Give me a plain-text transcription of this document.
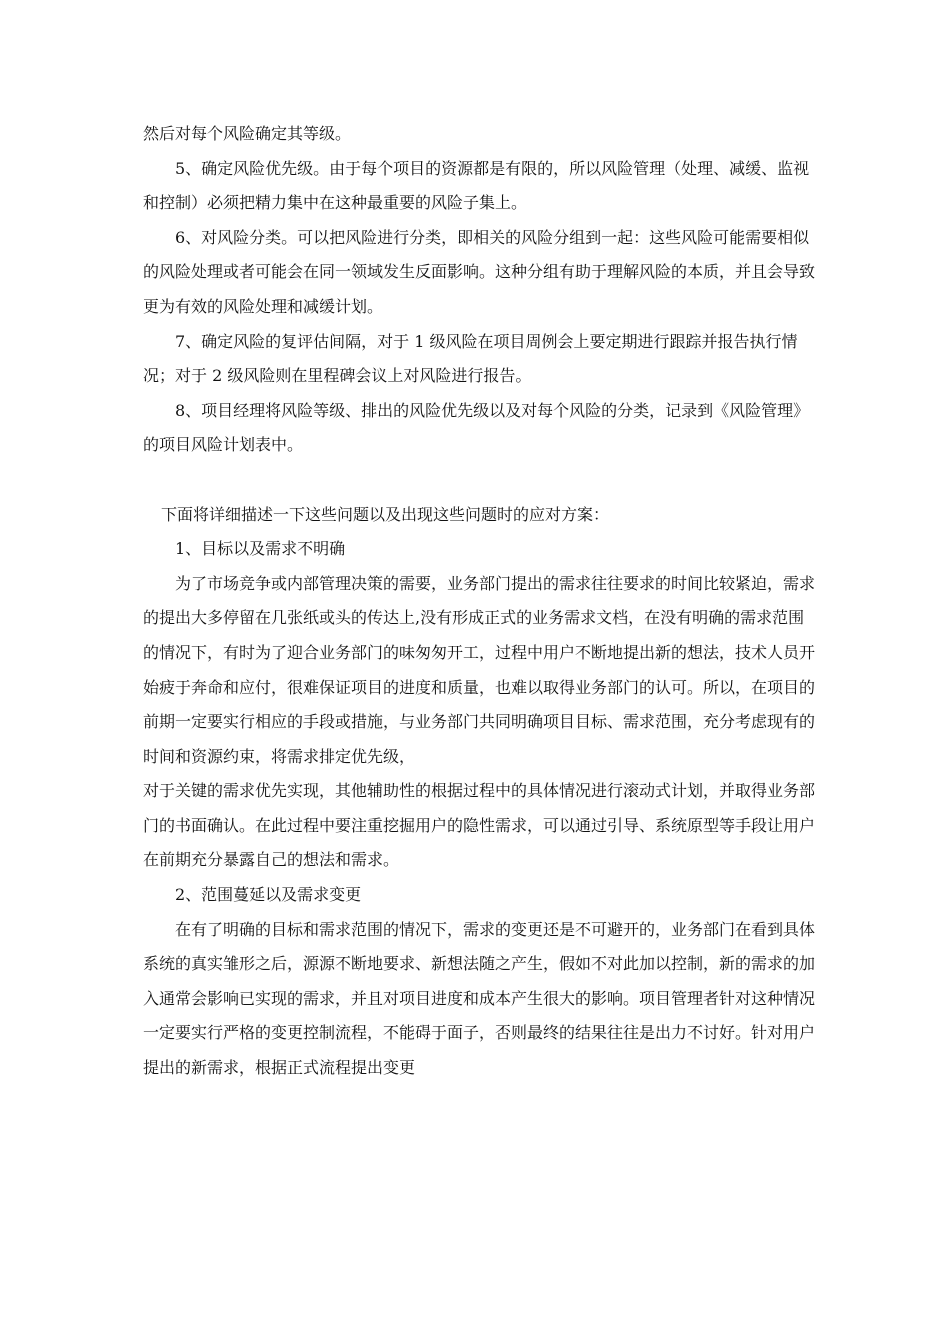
然后对每个风险确定其等级。

5、确定风险优先级。由于每个项目的资源都是有限的，所以风险管理（处理、减缓、监视和控制）必须把精力集中在这种最重要的风险子集上。

6、对风险分类。可以把风险进行分类，即相关的风险分组到一起：这些风险可能需要相似的风险处理或者可能会在同一领域发生反面影响。这种分组有助于理解风险的本质，并且会导致更为有效的风险处理和减缓计划。

7、确定风险的复评估间隔，对于 1 级风险在项目周例会上要定期进行跟踪并报告执行情况；对于 2 级风险则在里程碑会议上对风险进行报告。

8、项目经理将风险等级、排出的风险优先级以及对每个风险的分类，记录到《风险管理》的项目风险计划表中。

下面将详细描述一下这些问题以及出现这些问题时的应对方案：

1、目标以及需求不明确

为了市场竞争或内部管理决策的需要，业务部门提出的需求往往要求的时间比较紧迫，需求的提出大多停留在几张纸或头的传达上,没有形成正式的业务需求文档，在没有明确的需求范围的情况下，有时为了迎合业务部门的味匆匆开工，过程中用户不断地提出新的想法，技术人员开始疲于奔命和应付，很难保证项目的进度和质量，也难以取得业务部门的认可。所以，在项目的前期一定要实行相应的手段或措施，与业务部门共同明确项目目标、需求范围，充分考虑现有的时间和资源约束，将需求排定优先级，

对于关键的需求优先实现，其他辅助性的根据过程中的具体情况进行滚动式计划，并取得业务部门的书面确认。在此过程中要注重挖掘用户的隐性需求，可以通过引导、系统原型等手段让用户在前期充分暴露自己的想法和需求。

2、范围蔓延以及需求变更

在有了明确的目标和需求范围的情况下，需求的变更还是不可避开的，业务部门在看到具体系统的真实雏形之后，源源不断地要求、新想法随之产生，假如不对此加以控制，新的需求的加入通常会影响已实现的需求，并且对项目进度和成本产生很大的影响。项目管理者针对这种情况一定要实行严格的变更控制流程，不能碍于面子，否则最终的结果往往是出力不讨好。针对用户提出的新需求，根据正式流程提出变更
